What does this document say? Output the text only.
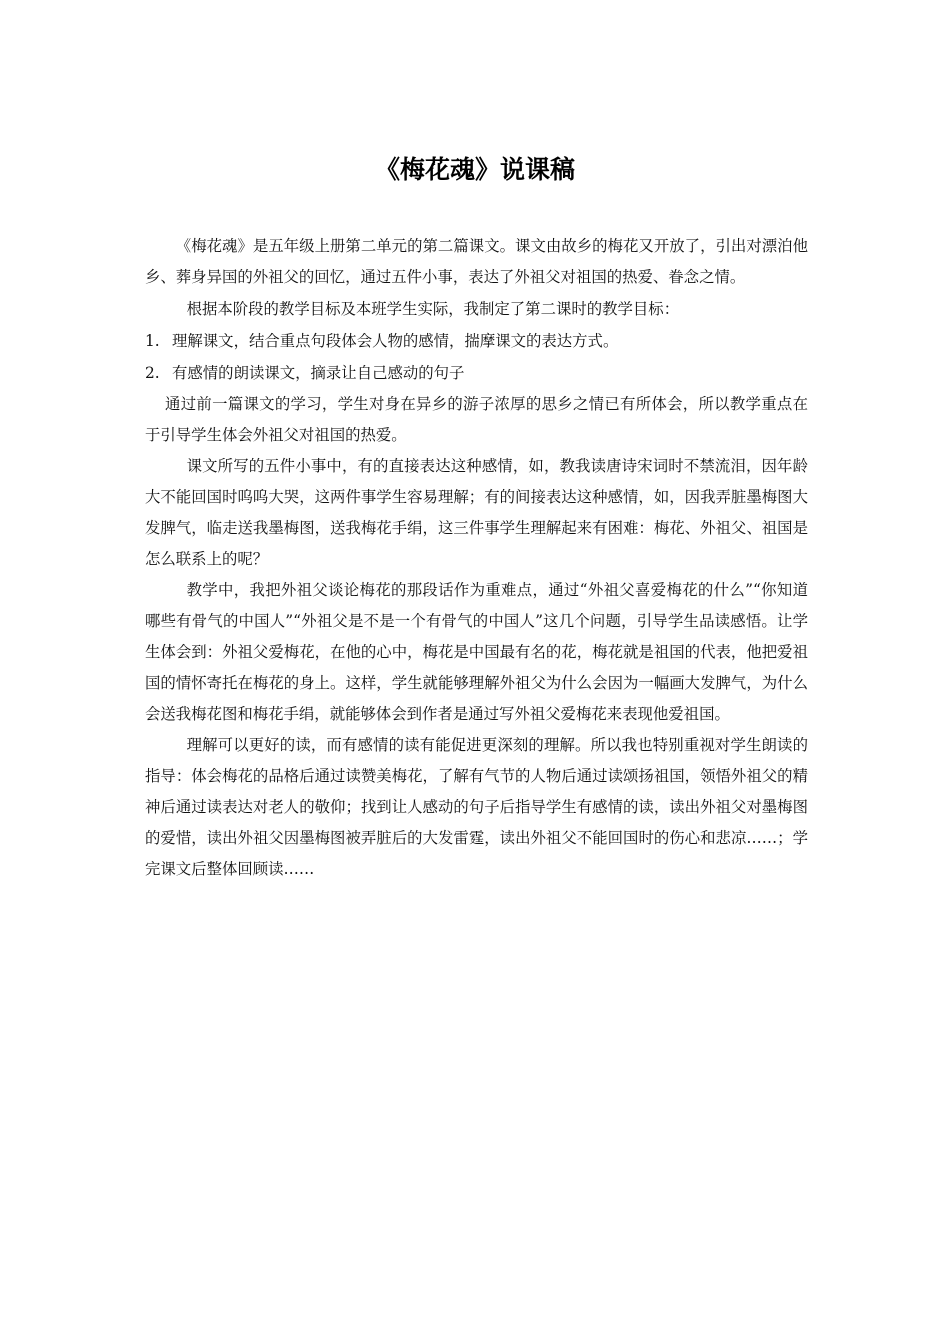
《梅花魂》说课稿

《梅花魂》是五年级上册第二单元的第二篇课文。课文由故乡的梅花又开放了，引出对漂泊他乡、葬身异国的外祖父的回忆，通过五件小事，表达了外祖父对祖国的热爱、眷念之情。

根据本阶段的教学目标及本班学生实际，我制定了第二课时的教学目标：

1. 理解课文，结合重点句段体会人物的感情，揣摩课文的表达方式。
2. 有感情的朗读课文，摘录让自己感动的句子

通过前一篇课文的学习，学生对身在异乡的游子浓厚的思乡之情已有所体会，所以教学重点在于引导学生体会外祖父对祖国的热爱。

课文所写的五件小事中，有的直接表达这种感情，如，教我读唐诗宋词时不禁流泪，因年龄大不能回国时呜呜大哭，这两件事学生容易理解；有的间接表达这种感情，如，因我弄脏墨梅图大发脾气，临走送我墨梅图，送我梅花手绢，这三件事学生理解起来有困难：梅花、外祖父、祖国是怎么联系上的呢？

教学中，我把外祖父谈论梅花的那段话作为重难点，通过“外祖父喜爱梅花的什么”“你知道哪些有骨气的中国人”“外祖父是不是一个有骨气的中国人”这几个问题，引导学生品读感悟。让学生体会到：外祖父爱梅花，在他的心中，梅花是中国最有名的花，梅花就是祖国的代表，他把爱祖国的情怀寄托在梅花的身上。这样，学生就能够理解外祖父为什么会因为一幅画大发脾气，为什么会送我梅花图和梅花手绢，就能够体会到作者是通过写外祖父爱梅花来表现他爱祖国。

理解可以更好的读，而有感情的读有能促进更深刻的理解。所以我也特别重视对学生朗读的指导：体会梅花的品格后通过读赞美梅花，了解有气节的人物后通过读颂扬祖国，领悟外祖父的精神后通过读表达对老人的敬仰；找到让人感动的句子后指导学生有感情的读，读出外祖父对墨梅图的爱惜，读出外祖父因墨梅图被弄脏后的大发雷霆，读出外祖父不能回国时的伤心和悲凉……；学完课文后整体回顾读……
